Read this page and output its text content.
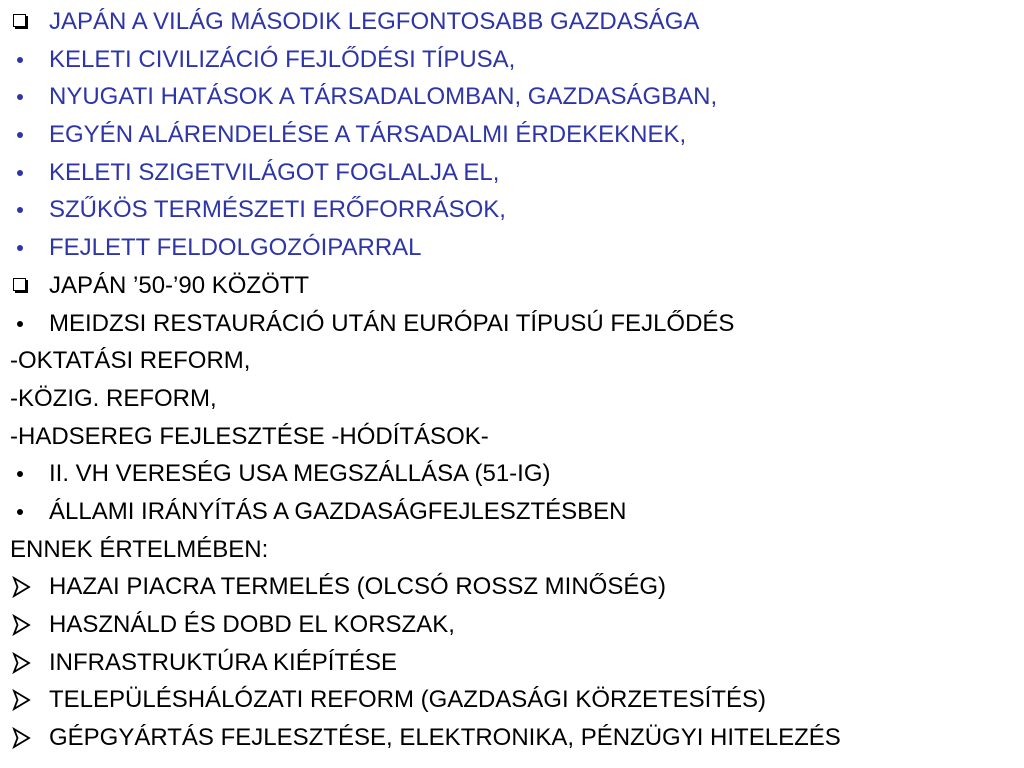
JAPÁN A VILÁG MÁSODIK LEGFONTOSABB GAZDASÁGA
KELETI CIVILIZÁCIÓ FEJLŐDÉSI TÍPUSA,
NYUGATI HATÁSOK A TÁRSADALOMBAN, GAZDASÁGBAN,
EGYÉN ALÁRENDELÉSE A TÁRSADALMI ÉRDEKEKNEK,
KELETI SZIGETVILÁGOT FOGLALJA EL,
SZŰKÖS TERMÉSZETI ERŐFORRÁSOK,
FEJLETT FELDOLGOZÓIPARRAL
JAPÁN ’50-’90 KÖZÖTT
MEIDZSI RESTAURÁCIÓ UTÁN EURÓPAI TÍPUSÚ FEJLŐDÉS
-OKTATÁSI REFORM,
-KÖZIG. REFORM,
-HADSEREG FEJLESZTÉSE -HÓDÍTÁSOK-
II. VH VERESÉG USA MEGSZÁLLÁSA (51-IG)
ÁLLAMI IRÁNYÍTÁS A GAZDASÁGFEJLESZTÉSBEN
ENNEK ÉRTELMÉBEN:
HAZAI PIACRA TERMELÉS (OLCSÓ ROSSZ MINŐSÉG)
HASZNÁLD ÉS DOBD EL KORSZAK,
INFRASTRUKTÚRA KIÉPÍTÉSE
TELEPÜLÉSHÁLÓZATI REFORM (GAZDASÁGI KÖRZETESÍTÉS)
GÉPGYÁRTÁS FEJLESZTÉSE, ELEKTRONIKA, PÉNZÜGYI HITELEZÉS
